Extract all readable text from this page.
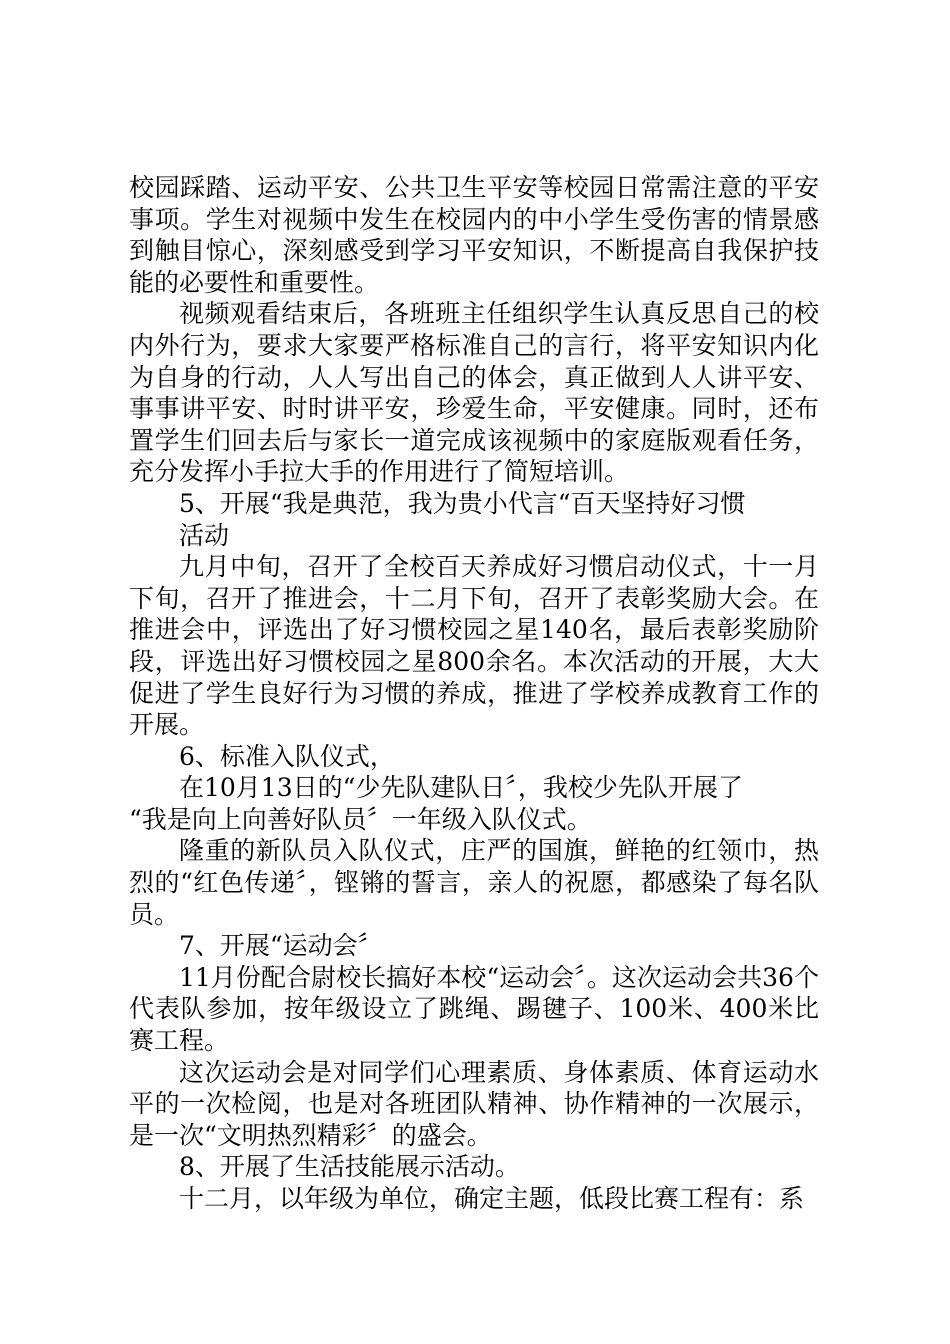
校园踩踏、运动平安、公共卫生平安等校园日常需注意的平安事项。学生对视频中发生在校园内的中小学生受伤害的情景感到触目惊心，深刻感受到学习平安知识，不断提高自我保护技能的必要性和重要性。

视频观看结束后，各班班主任组织学生认真反思自己的校内外行为，要求大家要严格标准自己的言行，将平安知识内化为自身的行动，人人写出自己的体会，真正做到人人讲平安、事事讲平安、时时讲平安，珍爱生命，平安健康。同时，还布置学生们回去后与家长一道完成该视频中的家庭版观看任务，充分发挥小手拉大手的作用进行了简短培训。

5、开展“我是典范，我为贵小代言“百天坚持好习惯

活动

九月中旬，召开了全校百天养成好习惯启动仪式，十一月下旬，召开了推进会，十二月下旬，召开了表彰奖励大会。在推进会中，评选出了好习惯校园之星140名，最后表彰奖励阶段，评选出好习惯校园之星800余名。本次活动的开展，大大促进了学生良好行为习惯的养成，推进了学校养成教育工作的开展。

6、标准入队仪式，

在10月13日的“少先队建队日〞，我校少先队开展了

“我是向上向善好队员〞一年级入队仪式。

隆重的新队员入队仪式，庄严的国旗，鲜艳的红领巾，热烈的“红色传递〞，铿锵的誓言，亲人的祝愿，都感染了每名队员。

7、开展“运动会〞

11月份配合尉校长搞好本校“运动会〞。这次运动会共36个代表队参加，按年级设立了跳绳、踢毽子、100米、400米比赛工程。

这次运动会是对同学们心理素质、身体素质、体育运动水平的一次检阅，也是对各班团队精神、协作精神的一次展示，是一次“文明热烈精彩〞的盛会。

8、开展了生活技能展示活动。

十二月，以年级为单位，确定主题，低段比赛工程有：系
